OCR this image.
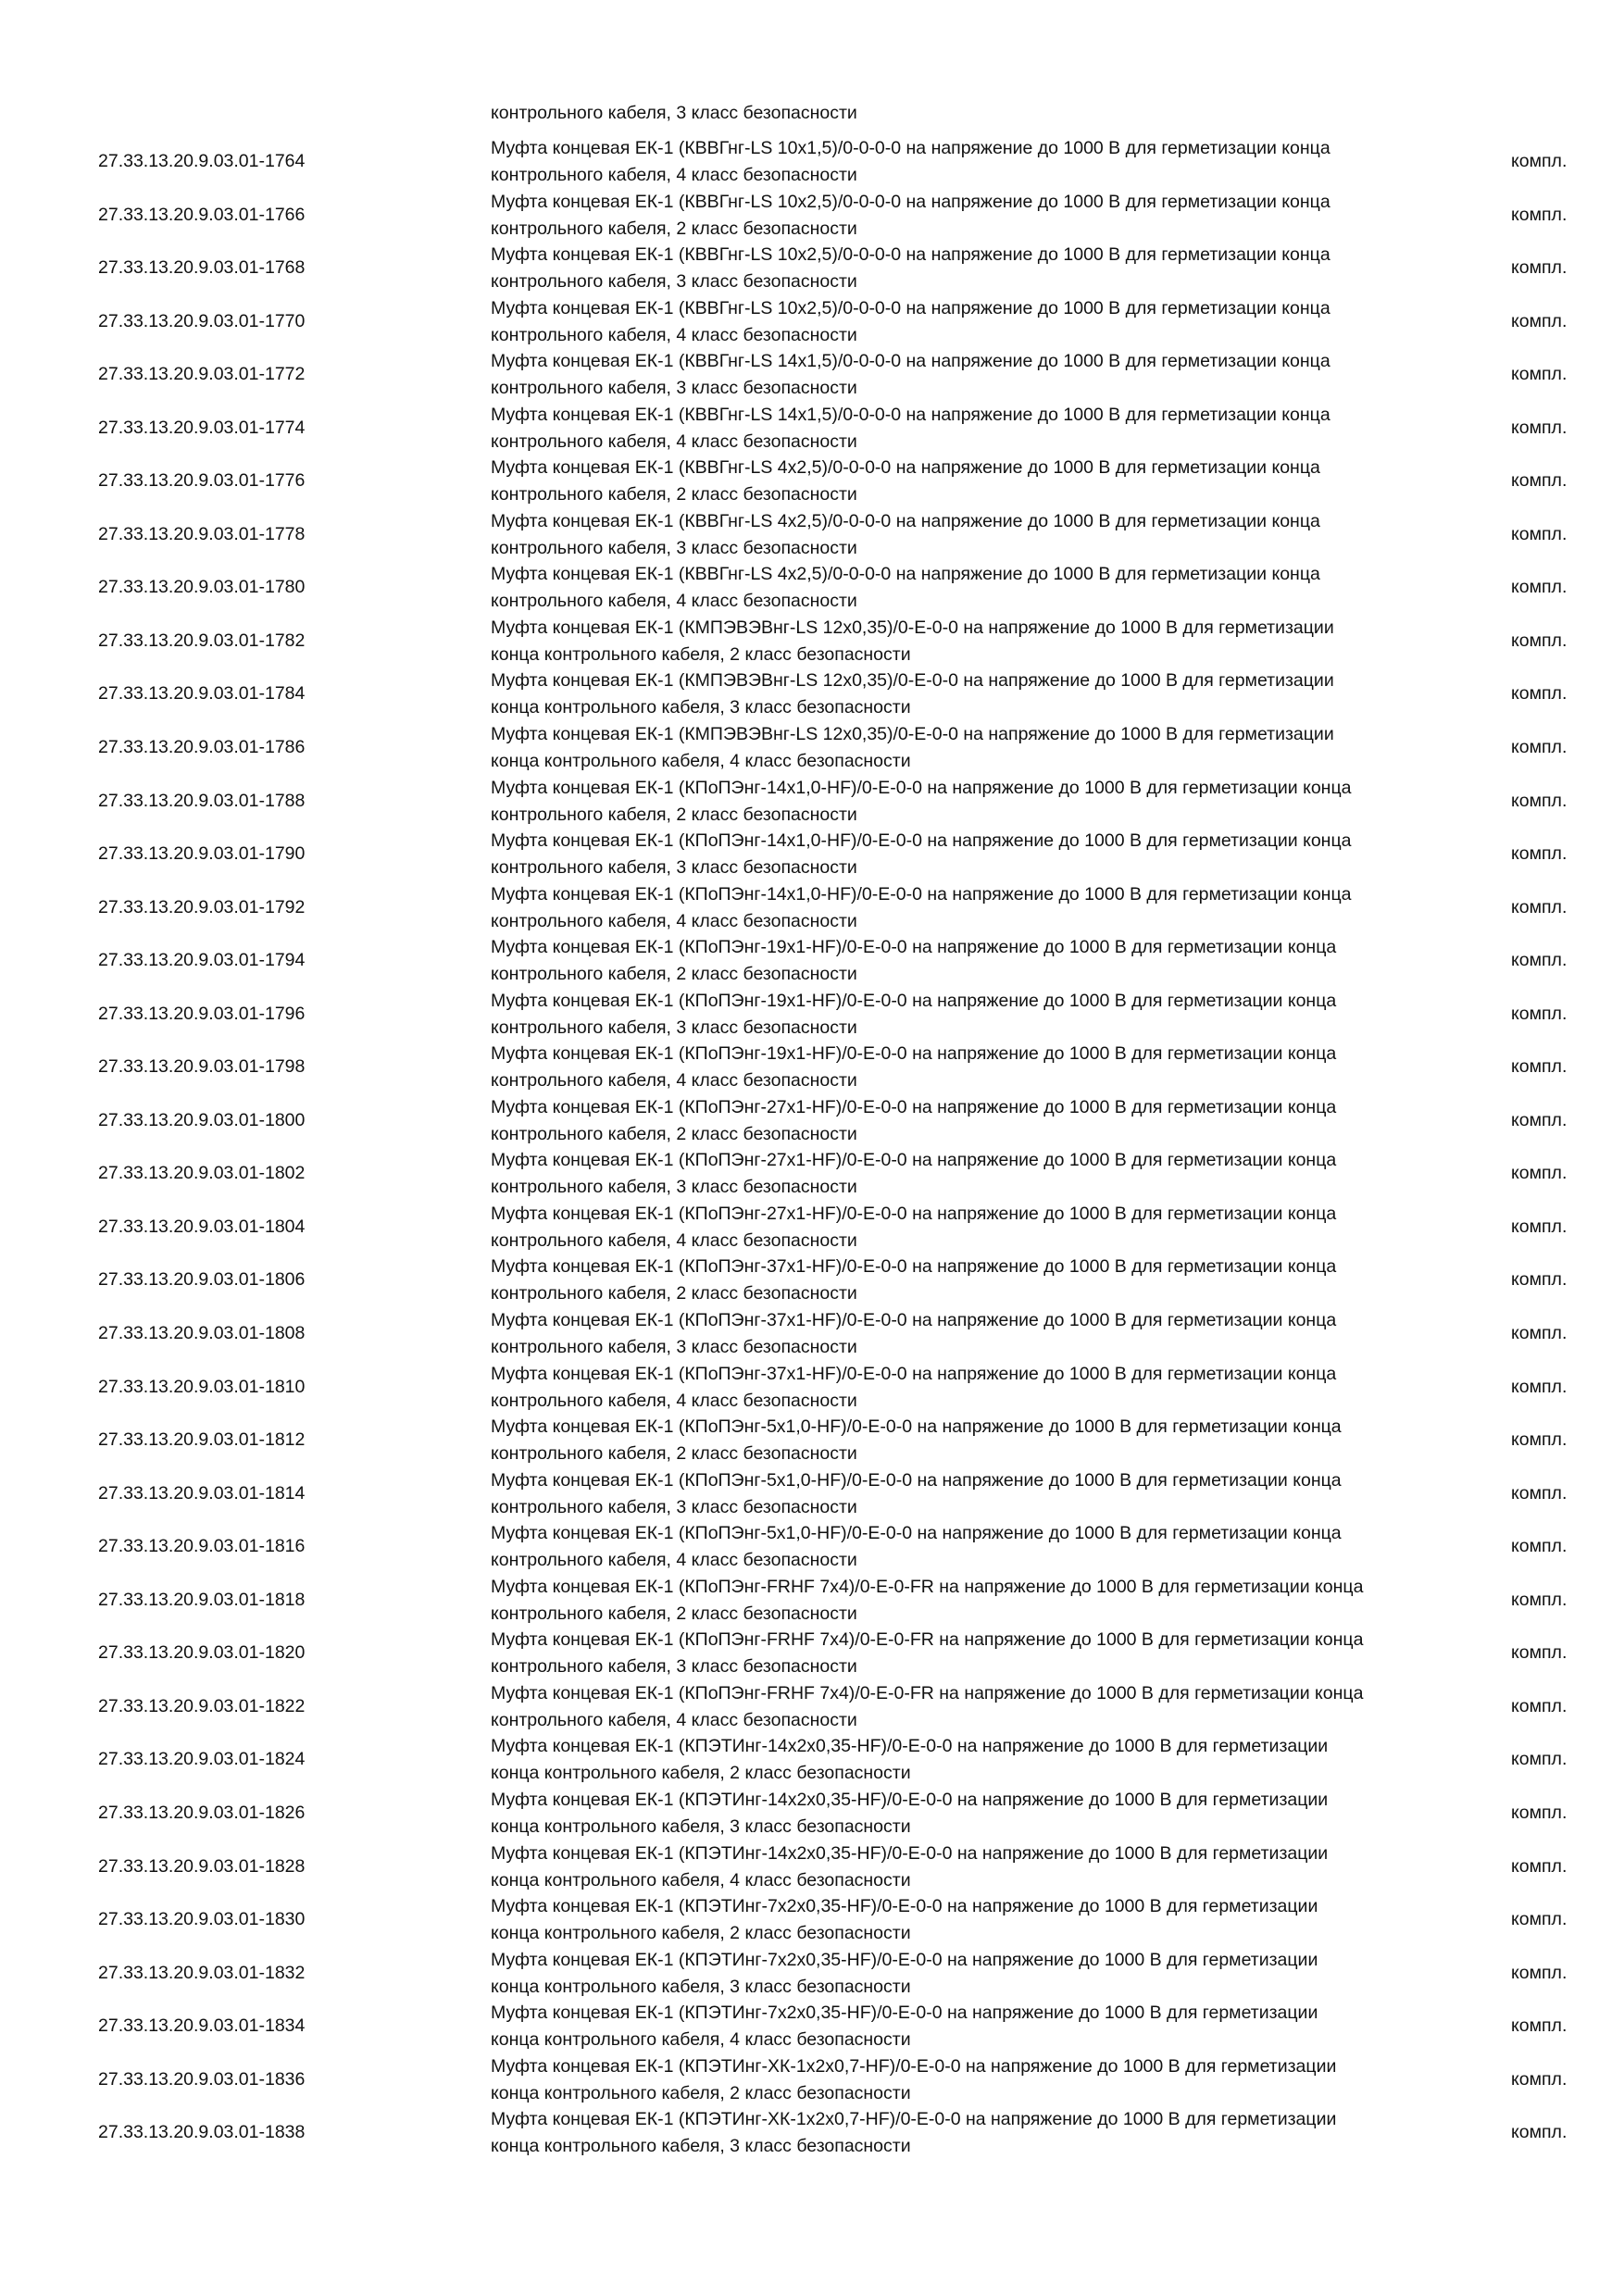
контрольного кабеля, 3 класс безопасности
27.33.13.20.9.03.01-1764
Муфта концевая ЕК-1 (КВВГнг-LS 10х1,5)/0-0-0-0 на напряжение до 1000 В для герметизации конца
контрольного кабеля, 4 класс безопасности
компл.
27.33.13.20.9.03.01-1766
Муфта концевая ЕК-1 (КВВГнг-LS 10х2,5)/0-0-0-0 на напряжение до 1000 В для герметизации конца
контрольного кабеля, 2 класс безопасности
компл.
27.33.13.20.9.03.01-1768
Муфта концевая ЕК-1 (КВВГнг-LS 10х2,5)/0-0-0-0 на напряжение до 1000 В для герметизации конца
контрольного кабеля, 3 класс безопасности
компл.
27.33.13.20.9.03.01-1770
Муфта концевая ЕК-1 (КВВГнг-LS 10х2,5)/0-0-0-0 на напряжение до 1000 В для герметизации конца
контрольного кабеля, 4 класс безопасности
компл.
27.33.13.20.9.03.01-1772
Муфта концевая ЕК-1 (КВВГнг-LS 14х1,5)/0-0-0-0 на напряжение до 1000 В для герметизации конца
контрольного кабеля, 3 класс безопасности
компл.
27.33.13.20.9.03.01-1774
Муфта концевая ЕК-1 (КВВГнг-LS 14х1,5)/0-0-0-0 на напряжение до 1000 В для герметизации конца
контрольного кабеля, 4 класс безопасности
компл.
27.33.13.20.9.03.01-1776
Муфта концевая ЕК-1 (КВВГнг-LS 4х2,5)/0-0-0-0 на напряжение до 1000 В для герметизации конца
контрольного кабеля, 2 класс безопасности
компл.
27.33.13.20.9.03.01-1778
Муфта концевая ЕК-1 (КВВГнг-LS 4х2,5)/0-0-0-0 на напряжение до 1000 В для герметизации конца
контрольного кабеля, 3 класс безопасности
компл.
27.33.13.20.9.03.01-1780
Муфта концевая ЕК-1 (КВВГнг-LS 4х2,5)/0-0-0-0 на напряжение до 1000 В для герметизации конца
контрольного кабеля, 4 класс безопасности
компл.
27.33.13.20.9.03.01-1782
Муфта концевая ЕК-1 (КМПЭВЭВнг-LS 12х0,35)/0-Е-0-0 на напряжение до 1000 В для герметизации
конца контрольного кабеля, 2 класс безопасности
компл.
27.33.13.20.9.03.01-1784
Муфта концевая ЕК-1 (КМПЭВЭВнг-LS 12х0,35)/0-Е-0-0 на напряжение до 1000 В для герметизации
конца контрольного кабеля, 3 класс безопасности
компл.
27.33.13.20.9.03.01-1786
Муфта концевая ЕК-1 (КМПЭВЭВнг-LS 12х0,35)/0-Е-0-0 на напряжение до 1000 В для герметизации
конца контрольного кабеля, 4 класс безопасности
компл.
27.33.13.20.9.03.01-1788
Муфта концевая ЕК-1 (КПоПЭнг-14х1,0-HF)/0-Е-0-0 на напряжение до 1000 В для герметизации конца
контрольного кабеля, 2 класс безопасности
компл.
27.33.13.20.9.03.01-1790
Муфта концевая ЕК-1 (КПоПЭнг-14х1,0-HF)/0-Е-0-0 на напряжение до 1000 В для герметизации конца
контрольного кабеля, 3 класс безопасности
компл.
27.33.13.20.9.03.01-1792
Муфта концевая ЕК-1 (КПоПЭнг-14х1,0-HF)/0-Е-0-0 на напряжение до 1000 В для герметизации конца
контрольного кабеля, 4 класс безопасности
компл.
27.33.13.20.9.03.01-1794
Муфта концевая ЕК-1 (КПоПЭнг-19х1-HF)/0-Е-0-0 на напряжение до 1000 В для герметизации конца
контрольного кабеля, 2 класс безопасности
компл.
27.33.13.20.9.03.01-1796
Муфта концевая ЕК-1 (КПоПЭнг-19х1-HF)/0-Е-0-0 на напряжение до 1000 В для герметизации конца
контрольного кабеля, 3 класс безопасности
компл.
27.33.13.20.9.03.01-1798
Муфта концевая ЕК-1 (КПоПЭнг-19х1-HF)/0-Е-0-0 на напряжение до 1000 В для герметизации конца
контрольного кабеля, 4 класс безопасности
компл.
27.33.13.20.9.03.01-1800
Муфта концевая ЕК-1 (КПоПЭнг-27х1-HF)/0-Е-0-0 на напряжение до 1000 В для герметизации конца
контрольного кабеля, 2 класс безопасности
компл.
27.33.13.20.9.03.01-1802
Муфта концевая ЕК-1 (КПоПЭнг-27х1-HF)/0-Е-0-0 на напряжение до 1000 В для герметизации конца
контрольного кабеля, 3 класс безопасности
компл.
27.33.13.20.9.03.01-1804
Муфта концевая ЕК-1 (КПоПЭнг-27х1-HF)/0-Е-0-0 на напряжение до 1000 В для герметизации конца
контрольного кабеля, 4 класс безопасности
компл.
27.33.13.20.9.03.01-1806
Муфта концевая ЕК-1 (КПоПЭнг-37х1-HF)/0-Е-0-0 на напряжение до 1000 В для герметизации конца
контрольного кабеля, 2 класс безопасности
компл.
27.33.13.20.9.03.01-1808
Муфта концевая ЕК-1 (КПоПЭнг-37х1-HF)/0-Е-0-0 на напряжение до 1000 В для герметизации конца
контрольного кабеля, 3 класс безопасности
компл.
27.33.13.20.9.03.01-1810
Муфта концевая ЕК-1 (КПоПЭнг-37х1-HF)/0-Е-0-0 на напряжение до 1000 В для герметизации конца
контрольного кабеля, 4 класс безопасности
компл.
27.33.13.20.9.03.01-1812
Муфта концевая ЕК-1 (КПоПЭнг-5х1,0-HF)/0-Е-0-0 на напряжение до 1000 В для герметизации конца
контрольного кабеля, 2 класс безопасности
компл.
27.33.13.20.9.03.01-1814
Муфта концевая ЕК-1 (КПоПЭнг-5х1,0-HF)/0-Е-0-0 на напряжение до 1000 В для герметизации конца
контрольного кабеля, 3 класс безопасности
компл.
27.33.13.20.9.03.01-1816
Муфта концевая ЕК-1 (КПоПЭнг-5х1,0-HF)/0-Е-0-0 на напряжение до 1000 В для герметизации конца
контрольного кабеля, 4 класс безопасности
компл.
27.33.13.20.9.03.01-1818
Муфта концевая ЕК-1 (КПоПЭнг-FRHF 7х4)/0-Е-0-FR на напряжение до 1000 В для герметизации конца
контрольного кабеля, 2 класс безопасности
компл.
27.33.13.20.9.03.01-1820
Муфта концевая ЕК-1 (КПоПЭнг-FRHF 7х4)/0-Е-0-FR на напряжение до 1000 В для герметизации конца
контрольного кабеля, 3 класс безопасности
компл.
27.33.13.20.9.03.01-1822
Муфта концевая ЕК-1 (КПоПЭнг-FRHF 7х4)/0-Е-0-FR на напряжение до 1000 В для герметизации конца
контрольного кабеля, 4 класс безопасности
компл.
27.33.13.20.9.03.01-1824
Муфта концевая ЕК-1 (КПЭТИнг-14х2х0,35-HF)/0-Е-0-0 на напряжение до 1000 В для герметизации
конца контрольного кабеля, 2 класс безопасности
компл.
27.33.13.20.9.03.01-1826
Муфта концевая ЕК-1 (КПЭТИнг-14х2х0,35-HF)/0-Е-0-0 на напряжение до 1000 В для герметизации
конца контрольного кабеля, 3 класс безопасности
компл.
27.33.13.20.9.03.01-1828
Муфта концевая ЕК-1 (КПЭТИнг-14х2х0,35-HF)/0-Е-0-0 на напряжение до 1000 В для герметизации
конца контрольного кабеля, 4 класс безопасности
компл.
27.33.13.20.9.03.01-1830
Муфта концевая ЕК-1 (КПЭТИнг-7х2х0,35-HF)/0-Е-0-0 на напряжение до 1000 В для герметизации
конца контрольного кабеля, 2 класс безопасности
компл.
27.33.13.20.9.03.01-1832
Муфта концевая ЕК-1 (КПЭТИнг-7х2х0,35-HF)/0-Е-0-0 на напряжение до 1000 В для герметизации
конца контрольного кабеля, 3 класс безопасности
компл.
27.33.13.20.9.03.01-1834
Муфта концевая ЕК-1 (КПЭТИнг-7х2х0,35-HF)/0-Е-0-0 на напряжение до 1000 В для герметизации
конца контрольного кабеля, 4 класс безопасности
компл.
27.33.13.20.9.03.01-1836
Муфта концевая ЕК-1 (КПЭТИнг-ХК-1х2х0,7-HF)/0-Е-0-0 на напряжение до 1000 В для герметизации
конца контрольного кабеля, 2 класс безопасности
компл.
27.33.13.20.9.03.01-1838
Муфта концевая ЕК-1 (КПЭТИнг-ХК-1х2х0,7-HF)/0-Е-0-0 на напряжение до 1000 В для герметизации
конца контрольного кабеля, 3 класс безопасности
компл.
